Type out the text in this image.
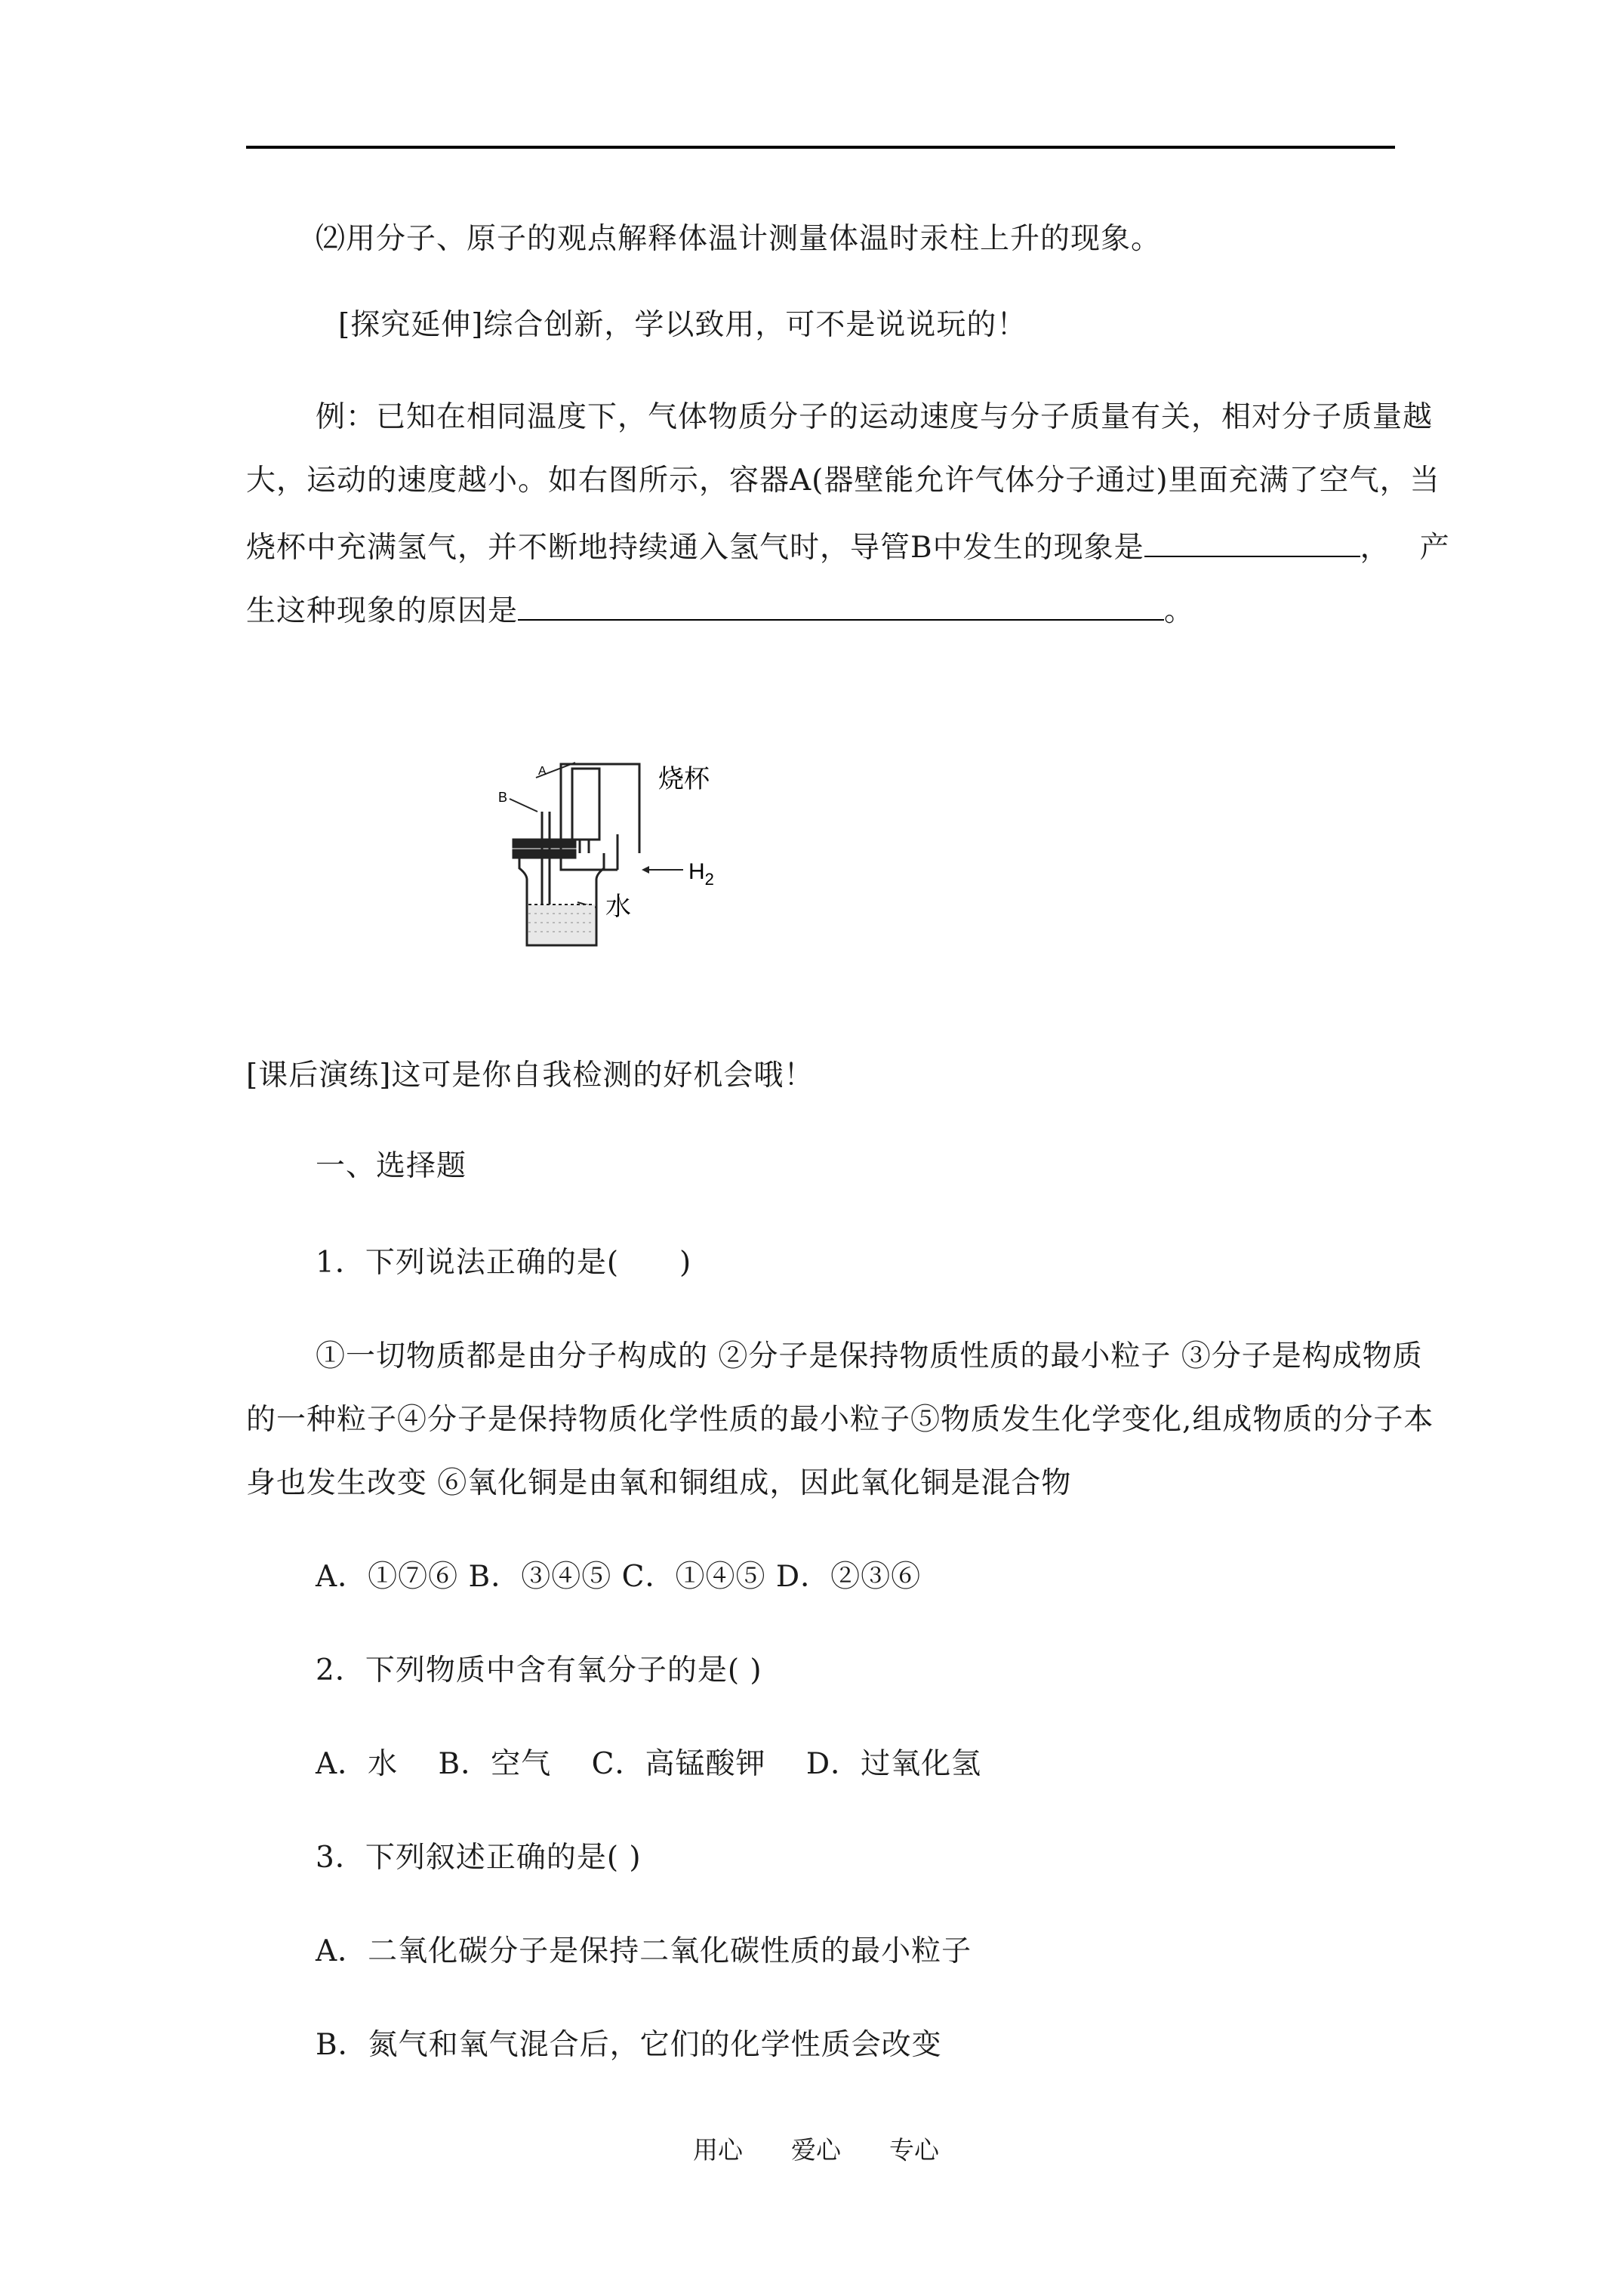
⑵用分子、原子的观点解释体温计测量体温时汞柱上升的现象。
[探究延伸]综合创新，学以致用，可不是说说玩的！
例：已知在相同温度下，气体物质分子的运动速度与分子质量有关，相对分子质量越
大，运动的速度越小。如右图所示，容器A(器壁能允许气体分子通过)里面充满了空气，当
烧杯中充满氢气，并不断地持续通入氢气时，导管B中发生的现象是	，产
生这种现象的原因是	。
A
B
烧杯
$H_2$
水
[课后演练]这可是你自我检测的好机会哦！
一、选择题
1．下列说法正确的是(　　)
①一切物质都是由分子构成的 ②分子是保持物质性质的最小粒子 ③分子是构成物质
的一种粒子④分子是保持物质化学性质的最小粒子⑤物质发生化学变化,组成物质的分子本
身也发生改变 ⑥氧化铜是由氧和铜组成，因此氧化铜是混合物
A．①⑦⑥ B．③④⑤ C．①④⑤ D．②③⑥
2．下列物质中含有氧分子的是( )
A．水　 B．空气　 C．高锰酸钾　 D．过氧化氢
3．下列叙述正确的是( )
A．二氧化碳分子是保持二氧化碳性质的最小粒子
B．氮气和氧气混合后，它们的化学性质会改变
用心 爱心 专心
